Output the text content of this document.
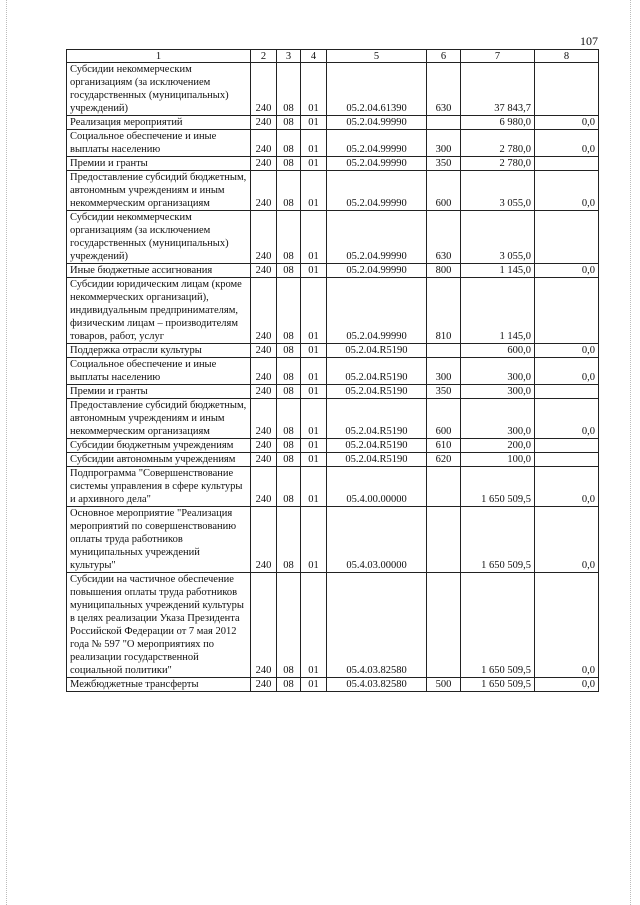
107
1	2	3	4	5	6	7	8
Субсидии некоммерческим организациям (за исключением государственных (муниципальных) учреждений)	240	08	01	05.2.04.61390	630	37 843,7	
Реализация мероприятий	240	08	01	05.2.04.99990		6 980,0	0,0
Социальное обеспечение и иные выплаты населению	240	08	01	05.2.04.99990	300	2 780,0	0,0
Премии и гранты	240	08	01	05.2.04.99990	350	2 780,0	
Предоставление субсидий бюджетным, автономным учреждениям и иным некоммерческим организациям	240	08	01	05.2.04.99990	600	3 055,0	0,0
Субсидии некоммерческим организациям (за исключением государственных (муниципальных) учреждений)	240	08	01	05.2.04.99990	630	3 055,0	
Иные бюджетные ассигнования	240	08	01	05.2.04.99990	800	1 145,0	0,0
Субсидии юридическим лицам (кроме некоммерческих организаций), индивидуальным предпринимателям, физическим лицам – производителям товаров, работ, услуг	240	08	01	05.2.04.99990	810	1 145,0	
Поддержка отрасли культуры	240	08	01	05.2.04.R5190		600,0	0,0
Социальное обеспечение и иные выплаты населению	240	08	01	05.2.04.R5190	300	300,0	0,0
Премии и гранты	240	08	01	05.2.04.R5190	350	300,0	
Предоставление субсидий бюджетным, автономным учреждениям и иным некоммерческим организациям	240	08	01	05.2.04.R5190	600	300,0	0,0
Субсидии бюджетным учреждениям	240	08	01	05.2.04.R5190	610	200,0	
Субсидии автономным учреждениям	240	08	01	05.2.04.R5190	620	100,0	
Подпрограмма "Совершенствование системы управления в сфере культуры и архивного дела"	240	08	01	05.4.00.00000		1 650 509,5	0,0
Основное мероприятие "Реализация мероприятий по совершенствованию оплаты труда работников муниципальных учреждений культуры"	240	08	01	05.4.03.00000		1 650 509,5	0,0
Субсидии на частичное обеспечение повышения оплаты труда работников муниципальных учреждений культуры в целях реализации Указа Президента Российской Федерации от 7 мая 2012 года № 597 "О мероприятиях по реализации государственной социальной политики"	240	08	01	05.4.03.82580		1 650 509,5	0,0
Межбюджетные трансферты	240	08	01	05.4.03.82580	500	1 650 509,5	0,0
